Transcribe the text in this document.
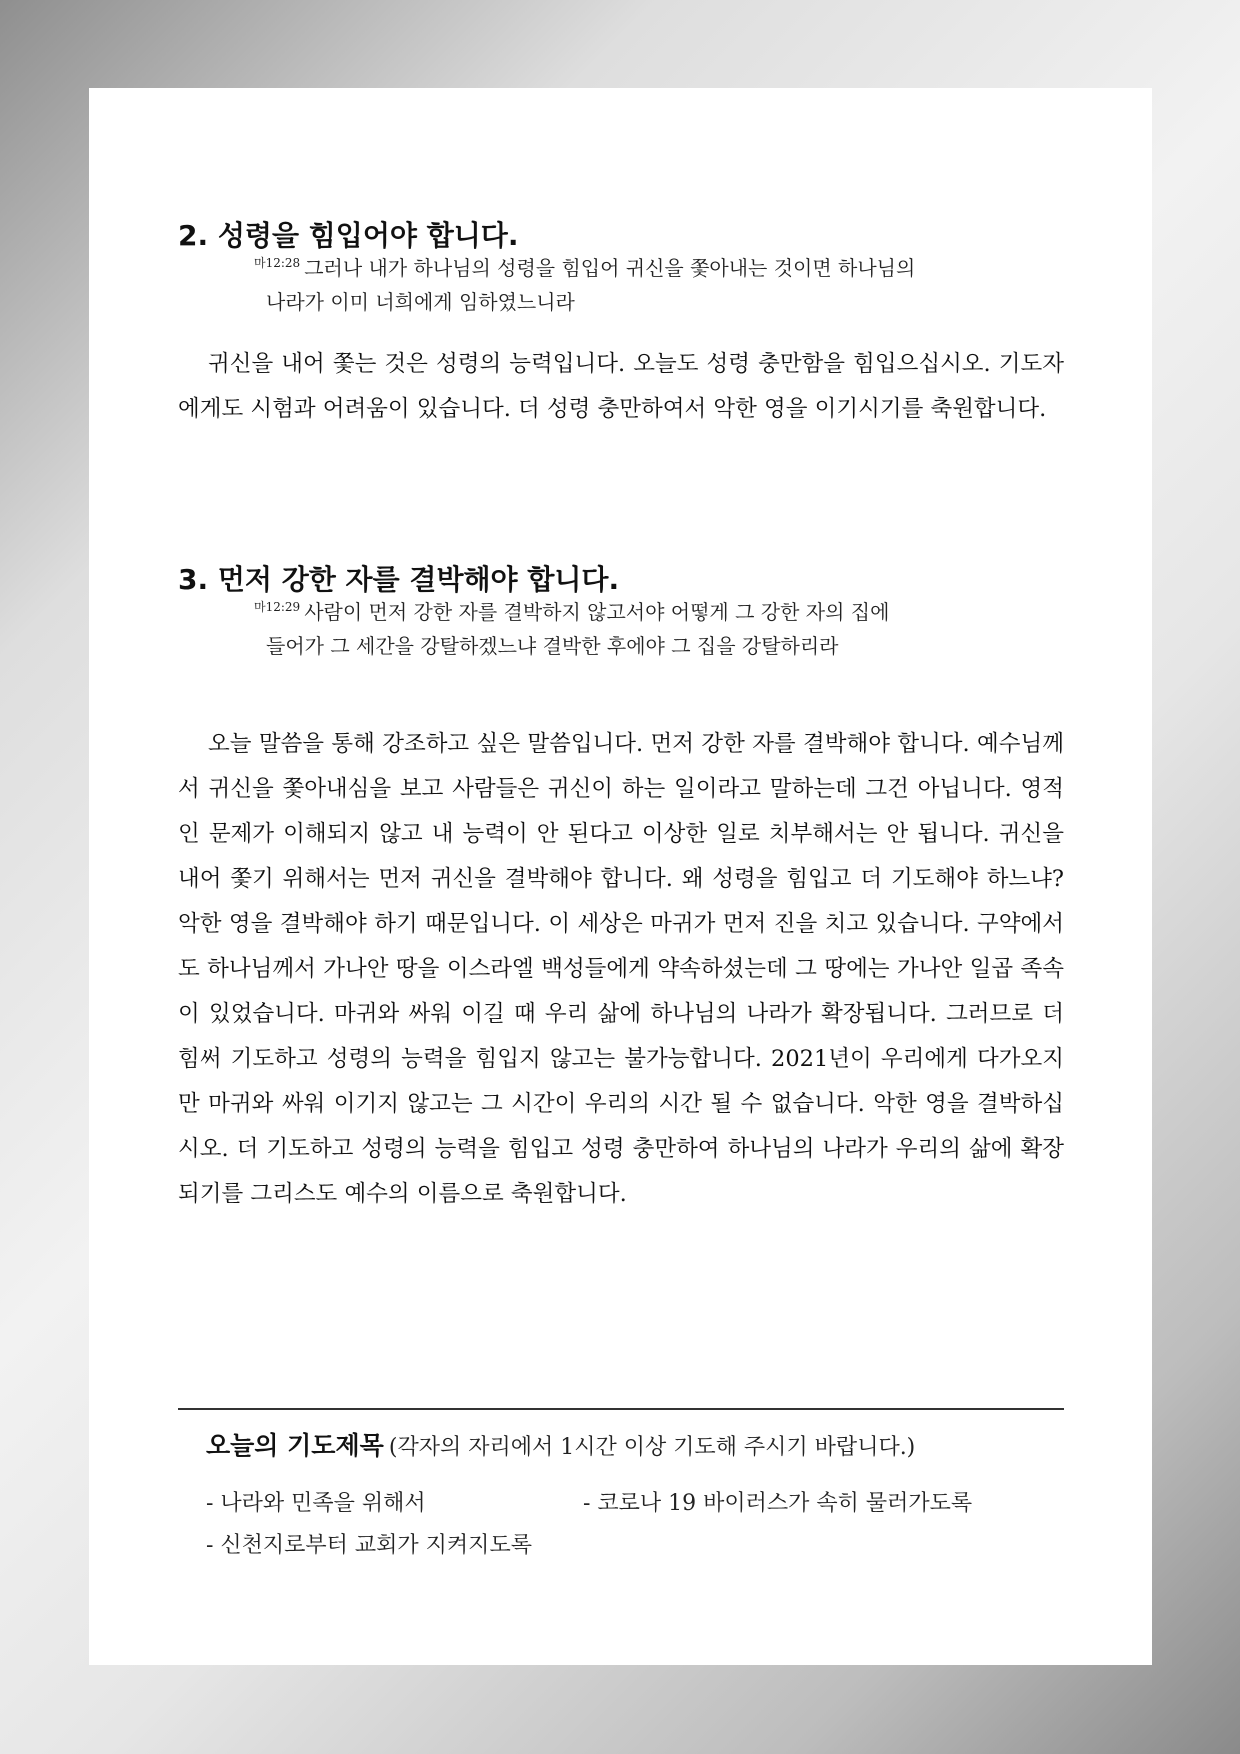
2. 성령을 힘입어야 합니다.
$^{마12:28}$ 그러나 내가 하나님의 성령을 힘입어 귀신을 쫓아내는 것이면 하나님의
나라가 이미 너희에게 임하였느니라

귀신을 내어 쫓는 것은 성령의 능력입니다. 오늘도 성령 충만함을 힘입으십시오. 기도자에게도 시험과 어려움이 있습니다. 더 성령 충만하여서 악한 영을 이기시기를 축원합니다.

3. 먼저 강한 자를 결박해야 합니다.
$^{마12:29}$ 사람이 먼저 강한 자를 결박하지 않고서야 어떻게 그 강한 자의 집에
들어가 그 세간을 강탈하겠느냐 결박한 후에야 그 집을 강탈하리라

오늘 말씀을 통해 강조하고 싶은 말씀입니다. 먼저 강한 자를 결박해야 합니다. 예수님께서 귀신을 쫓아내심을 보고 사람들은 귀신이 하는 일이라고 말하는데 그건 아닙니다. 영적인 문제가 이해되지 않고 내 능력이 안 된다고 이상한 일로 치부해서는 안 됩니다. 귀신을 내어 쫓기 위해서는 먼저 귀신을 결박해야 합니다. 왜 성령을 힘입고 더 기도해야 하느냐? 악한 영을 결박해야 하기 때문입니다. 이 세상은 마귀가 먼저 진을 치고 있습니다. 구약에서도 하나님께서 가나안 땅을 이스라엘 백성들에게 약속하셨는데 그 땅에는 가나안 일곱 족속이 있었습니다. 마귀와 싸워 이길 때 우리 삶에 하나님의 나라가 확장됩니다. 그러므로 더 힘써 기도하고 성령의 능력을 힘입지 않고는 불가능합니다. 2021년이 우리에게 다가오지만 마귀와 싸워 이기지 않고는 그 시간이 우리의 시간 될 수 없습니다. 악한 영을 결박하십시오. 더 기도하고 성령의 능력을 힘입고 성령 충만하여 하나님의 나라가 우리의 삶에 확장되기를 그리스도 예수의 이름으로 축원합니다.

오늘의 기도제목 (각자의 자리에서 1시간 이상 기도해 주시기 바랍니다.)
- 나라와 민족을 위해서	- 코로나 19 바이러스가 속히 물러가도록
- 신천지로부터 교회가 지켜지도록
